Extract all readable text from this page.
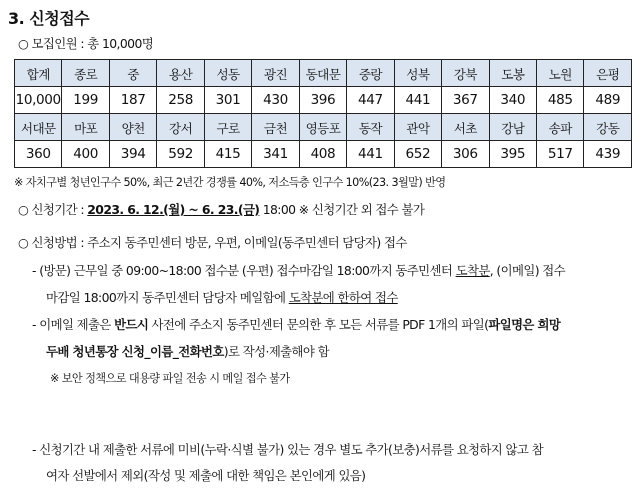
3. 신청접수
○ 모집인원 : 총 10,000명
합계	종로	중	용산	성동	광진	동대문	중랑	성북	강북	도봉	노원	은평
10,000	199	187	258	301	430	396	447	441	367	340	485	489
서대문	마포	양천	강서	구로	금천	영등포	동작	관악	서초	강남	송파	강동
360	400	394	592	415	341	408	441	652	306	395	517	439
※ 자치구별 청년인구수 50%, 최근 2년간 경쟁률 40%, 저소득층 인구수 10%(23. 3월말) 반영
○ 신청기간 : 2023. 6. 12.(월) ~ 6. 23.(금) 18:00 ※ 신청기간 외 접수 불가
○ 신청방법 : 주소지 동주민센터 방문, 우편, 이메일(동주민센터 담당자) 접수
- (방문) 근무일 중 09:00~18:00 접수분 (우편) 접수마감일 18:00까지 동주민센터 도착분, (이메일) 접수
마감일 18:00까지 동주민센터 담당자 메일함에 도착분에 한하여 접수
- 이메일 제출은 반드시 사전에 주소지 동주민센터 문의한 후 모든 서류를 PDF 1개의 파일(파일명은 희망
두배 청년통장 신청_이름_전화번호)로 작성·제출해야 함
※ 보안 정책으로 대용량 파일 전송 시 메일 접수 불가
- 신청기간 내 제출한 서류에 미비(누락·식별 불가) 있는 경우 별도 추가(보충)서류를 요청하지 않고 참
여자 선발에서 제외(작성 및 제출에 대한 책임은 본인에게 있음)
